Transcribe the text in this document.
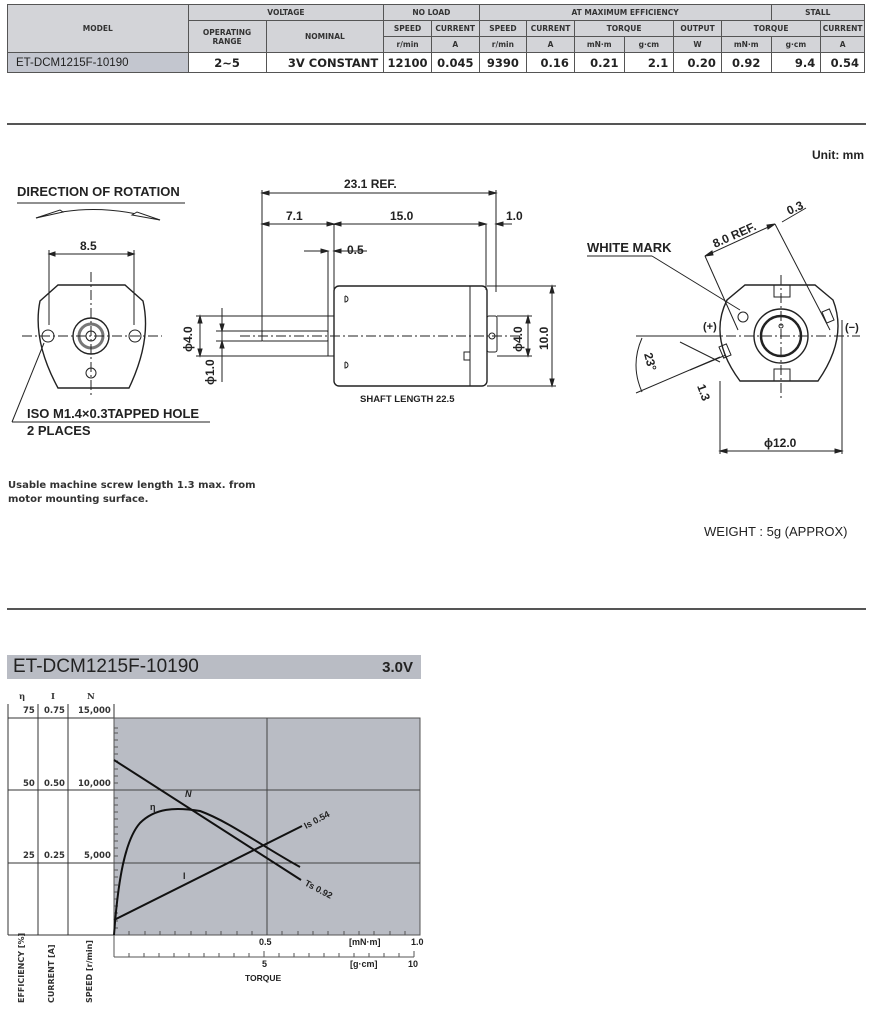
MODEL	VOLTAGE		NO LOAD		AT MAXIMUM EFFICIENCY						STALL	
	OPERATING RANGE	NOMINAL	SPEED	CURRENT	SPEED	CURRENT	TORQUE		OUTPUT	TORQUE		CURRENT
			r/min	A	r/min	A	mN·m	g·cm	W	mN·m	g·cm	A
ET-DCM1215F-10190	2~5	3V CONSTANT	12100	0.045	9390	0.16	0.21	2.1	0.20	0.92	9.4	0.54
Unit: mm
DIRECTION OF ROTATION
8.5
23.1 REF.
7.1	15.0	1.0
0.5
ϕ4.0
ϕ1.0
ϕ4.0 10.0
SHAFT LENGTH 22.5
8.0 REF.
0.3
(+)	(−)
23°
1.3
ϕ12.0
WHITE MARK
ISO M1.4×0.3TAPPED HOLE
2 PLACES
Usable machine screw length 1.3 max. from
motor mounting surface.
WEIGHT : 5g (APPROX)
ET-DCM1215F-10190	3.0V
η	I	N
75 0.75 15,000
50 0.50 10,000
25 0.25 5,000
N
η
I
Is 0.54
Ts 0.92
0.5	1.0
[mN·m]
5	10
[g·cm]
TORQUE
EFFICIENCY [%]	CURRENT [A]	SPEED [r/min]
